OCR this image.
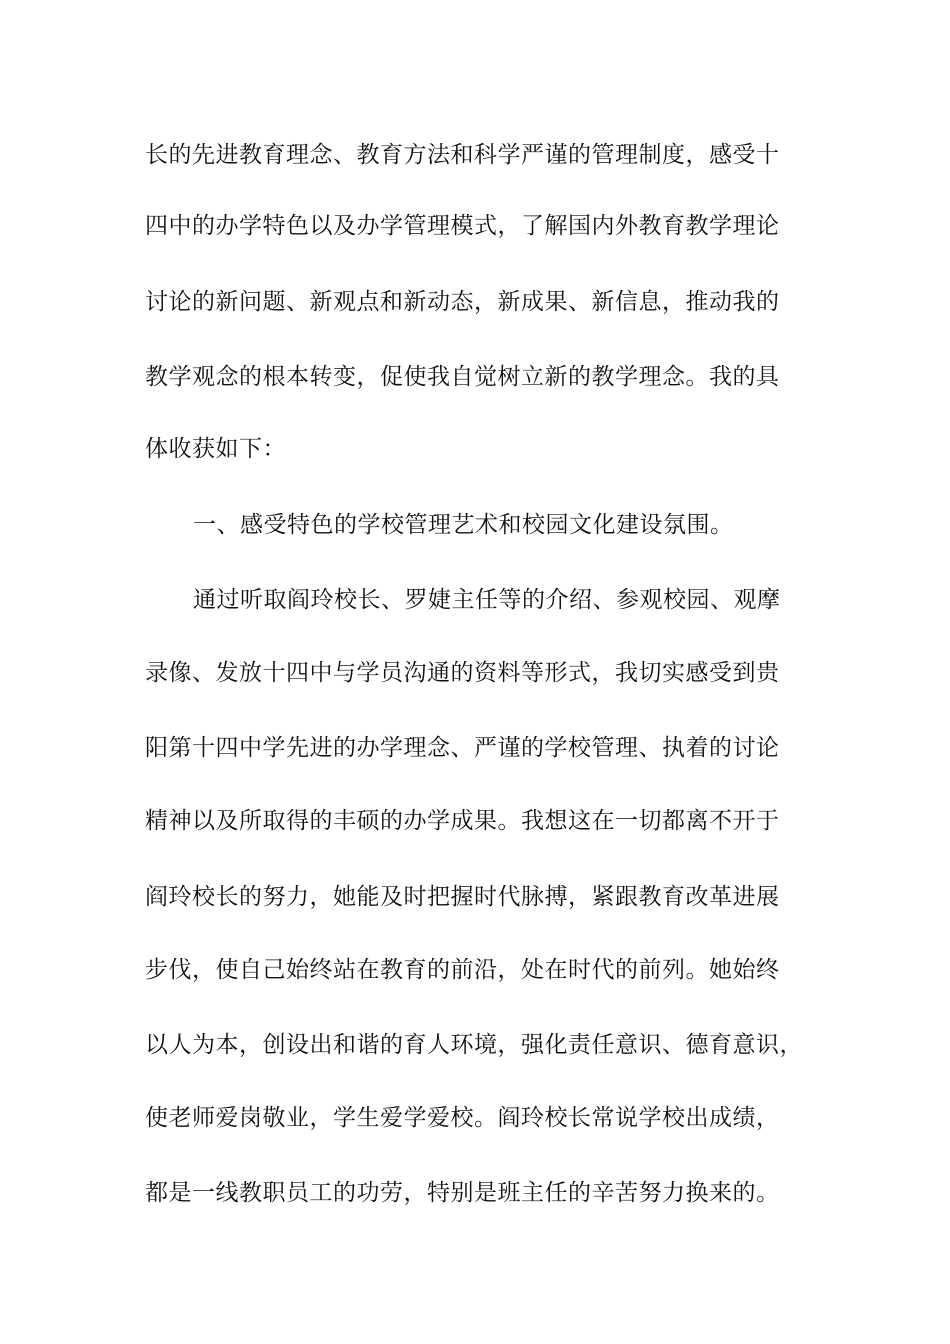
长的先进教育理念、教育方法和科学严谨的管理制度，感受十
四中的办学特色以及办学管理模式，了解国内外教育教学理论
讨论的新问题、新观点和新动态，新成果、新信息，推动我的
教学观念的根本转变，促使我自觉树立新的教学理念。我的具
体收获如下：
一、感受特色的学校管理艺术和校园文化建设氛围。
通过听取阎玲校长、罗婕主任等的介绍、参观校园、观摩
录像、发放十四中与学员沟通的资料等形式，我切实感受到贵
阳第十四中学先进的办学理念、严谨的学校管理、执着的讨论
精神以及所取得的丰硕的办学成果。我想这在一切都离不开于
阎玲校长的努力，她能及时把握时代脉搏，紧跟教育改革进展
步伐，使自己始终站在教育的前沿，处在时代的前列。她始终
以人为本，创设出和谐的育人环境，强化责任意识、德育意识，
使老师爱岗敬业，学生爱学爱校。阎玲校长常说学校出成绩，
都是一线教职员工的功劳，特别是班主任的辛苦努力换来的。
